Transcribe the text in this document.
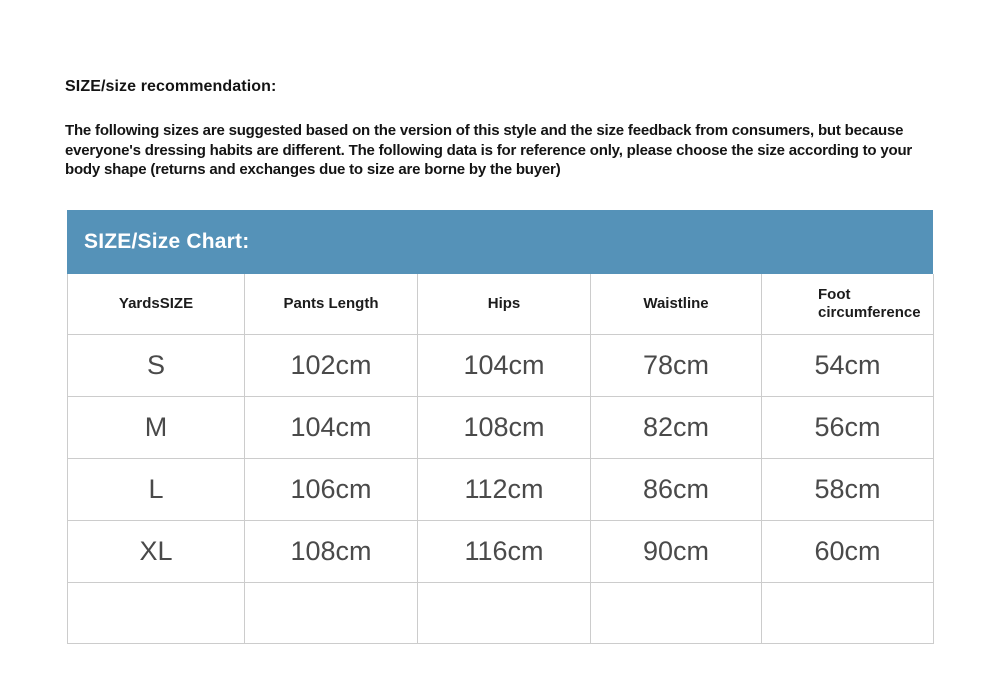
SIZE/size recommendation:

The following sizes are suggested based on the version of this style and the size feedback from consumers, but because everyone's dressing habits are different. The following data is for reference only, please choose the size according to your body shape (returns and exchanges due to size are borne by the buyer)

SIZE/Size Chart:
YardsSIZE	Pants Length	Hips	Waistline	Foot circumference
S	102cm	104cm	78cm	54cm
M	104cm	108cm	82cm	56cm
L	106cm	112cm	86cm	58cm
XL	108cm	116cm	90cm	60cm
